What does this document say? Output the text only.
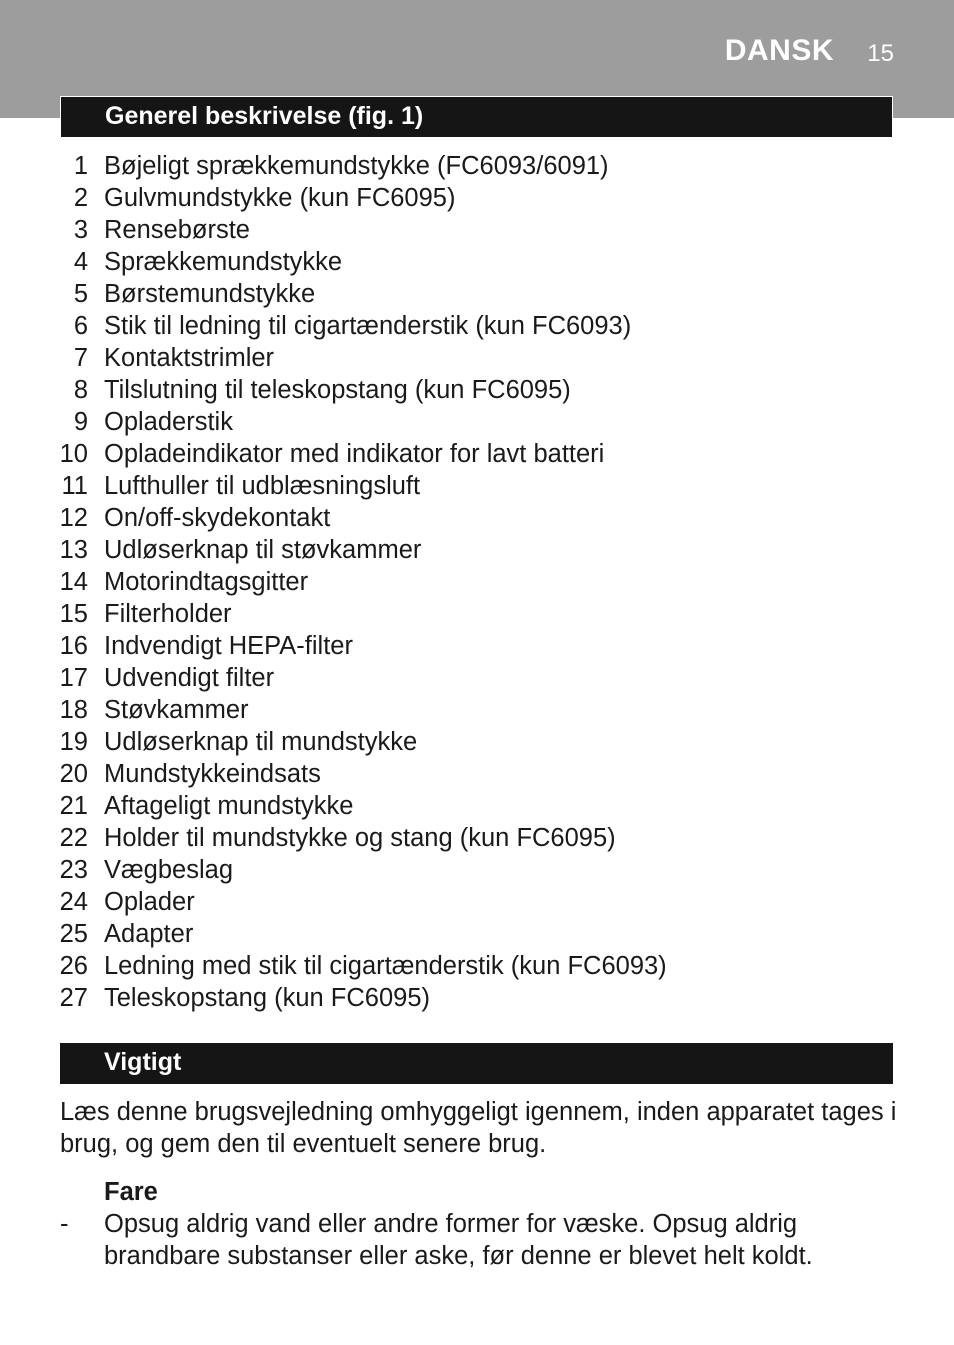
DANSK 15
Generel beskrivelse (fig. 1)
1 Bøjeligt sprækkemundstykke (FC6093/6091)
2 Gulvmundstykke (kun FC6095)
3 Rensebørste
4 Sprækkemundstykke
5 Børstemundstykke
6 Stik til ledning til cigartænderstik (kun FC6093)
7 Kontaktstrimler
8 Tilslutning til teleskopstang (kun FC6095)
9 Opladerstik
10 Opladeindikator med indikator for lavt batteri
11 Lufthuller til udblæsningsluft
12 On/off-skydekontakt
13 Udløserknap til støvkammer
14 Motorindtagsgitter
15 Filterholder
16 Indvendigt HEPA-filter
17 Udvendigt filter
18 Støvkammer
19 Udløserknap til mundstykke
20 Mundstykkeindsats
21 Aftageligt mundstykke
22 Holder til mundstykke og stang (kun FC6095)
23 Vægbeslag
24 Oplader
25 Adapter
26 Ledning med stik til cigartænderstik (kun FC6093)
27 Teleskopstang (kun FC6095)
Vigtigt
Læs denne brugsvejledning omhyggeligt igennem, inden apparatet tages i brug, og gem den til eventuelt senere brug.
Fare
- Opsug aldrig vand eller andre former for væske. Opsug aldrig brandbare substanser eller aske, før denne er blevet helt koldt.
